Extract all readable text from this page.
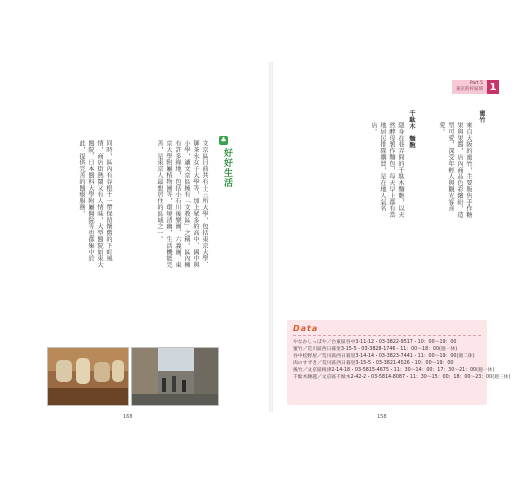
♣
好好生活
文京區目前共有十三所大學，包括東京大學、御茶水女子大學等，加上眾多的高中、國中與小學，讓文京區擁有「文教區」之稱。區內擁有許多綠地，包括小石川後樂園、六義園、東京大學附屬植物園等，環境清幽，生活機能完善，是東京人最想居住的區域之一。
同時，區內有谷根千一帶保留懷舊的下町風情，商店街熱鬧又有人情味，大型醫院如東大醫院、日本醫科大學附屬醫院等也都集中於此，提供完善的醫療服務。
168
Part 5
東京的好區域 1
蜜竹
來自大阪的蜜竹，主要販售手作糖果與果醬，店內商品色彩繽紛，造型可愛，深受年輕人與觀光客喜愛。
千駄木　麵麭
隱身在巷弄間的千駄木麵麭，以天然酵母製作麵包，每天早上都有當地居民排隊購買，是在地人氣名店。
Data
やなかしっぽや／台東區谷中3-11-12・03-3822-9517・10：00～19：00
蜜竹／荒川區西日暮里3-15-5・03-3828-1746・11：00～18：00(週一休)
谷中松野屋／荒川區西日暮里3-14-14・03-3823-7441・11：00～19：00(週二休)
肉のすずき／荒川區西日暮里3-15-5・03-3821-4526・10：00～19：00
後竹／文京區根津2-14-18・03-5815-4675・11：30～14：00；17：30～21：00(週一休)
千駄木腰越／文京區千駄木2-42-2・03-5814-8087・11：30～15：00；18：00～23：00(週三休)
158
